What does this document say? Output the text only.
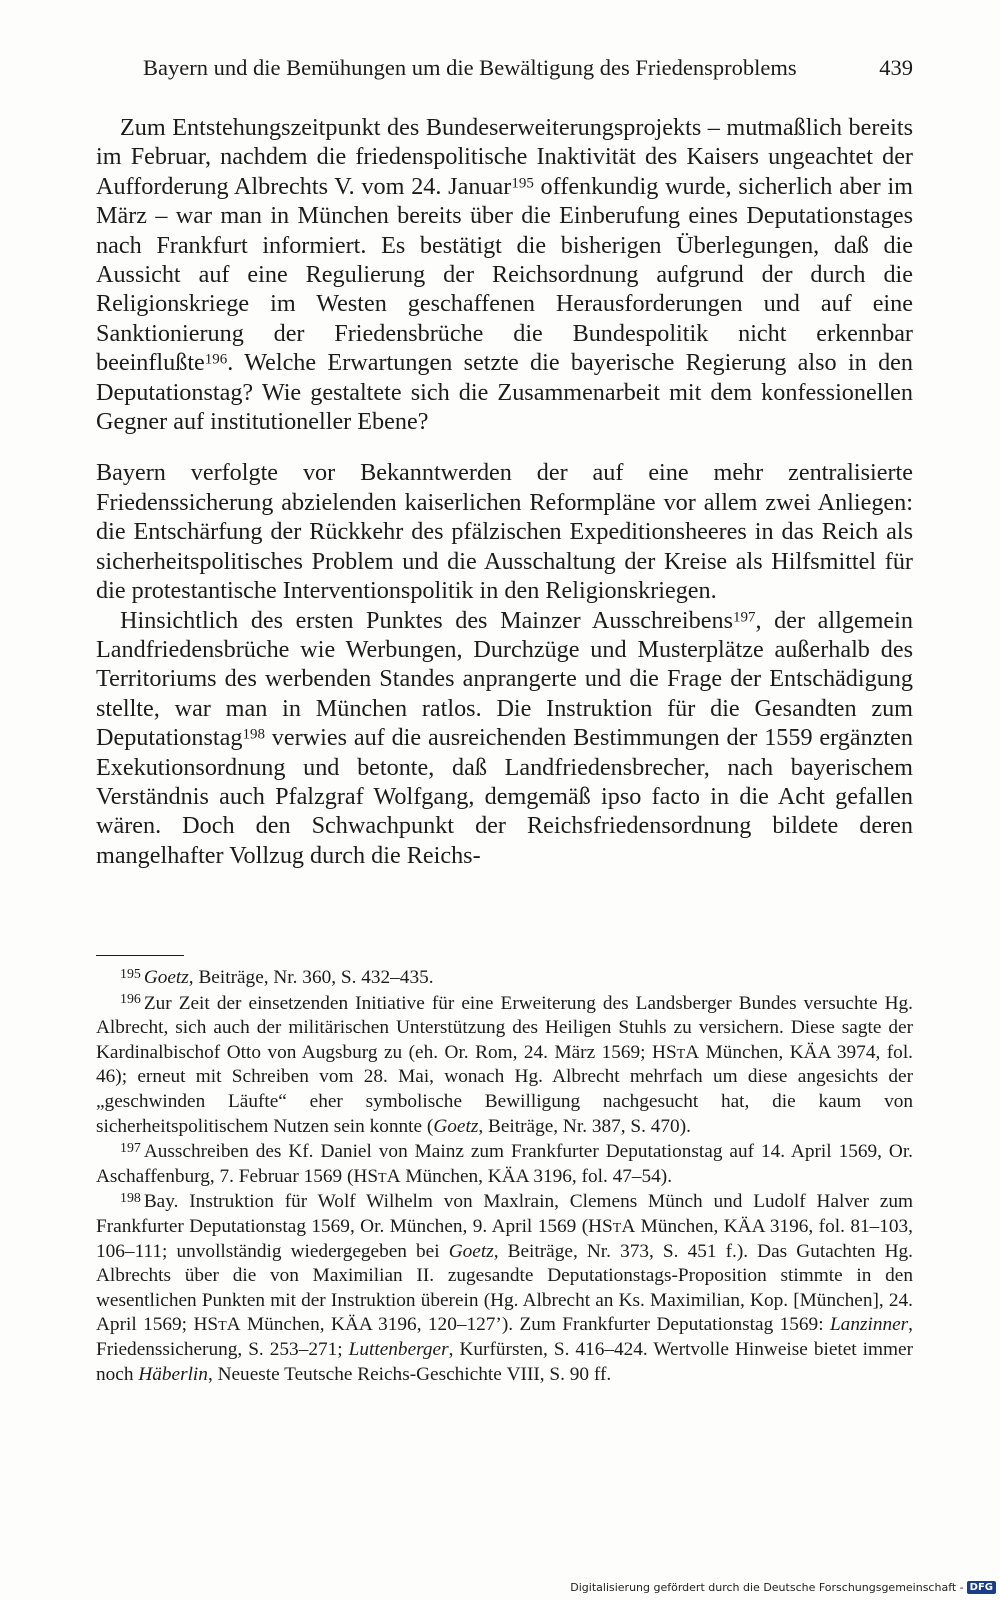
Bayern und die Bemühungen um die Bewältigung des Friedensproblems	439

Zum Entstehungszeitpunkt des Bundeserweiterungsprojekts – mutmaßlich bereits im Februar, nachdem die friedenspolitische Inaktivität des Kaisers ungeachtet der Aufforderung Albrechts V. vom 24. Januar$^{195}$ offenkundig wurde, sicherlich aber im März – war man in München bereits über die Einberufung eines Deputationstages nach Frankfurt informiert. Es bestätigt die bisherigen Überlegungen, daß die Aussicht auf eine Regulierung der Reichsordnung aufgrund der durch die Religionskriege im Westen geschaffenen Herausforderungen und auf eine Sanktionierung der Friedensbrüche die Bundespolitik nicht erkennbar beeinflußte$^{196}$. Welche Erwartungen setzte die bayerische Regierung also in den Deputationstag? Wie gestaltete sich die Zusammenarbeit mit dem konfessionellen Gegner auf institutioneller Ebene?

Bayern verfolgte vor Bekanntwerden der auf eine mehr zentralisierte Friedenssicherung abzielenden kaiserlichen Reformpläne vor allem zwei Anliegen: die Entschärfung der Rückkehr des pfälzischen Expeditionsheeres in das Reich als sicherheitspolitisches Problem und die Ausschaltung der Kreise als Hilfsmittel für die protestantische Interventionspolitik in den Religionskriegen.

Hinsichtlich des ersten Punktes des Mainzer Ausschreibens$^{197}$, der allgemein Landfriedensbrüche wie Werbungen, Durchzüge und Musterplätze außerhalb des Territoriums des werbenden Standes anprangerte und die Frage der Entschädigung stellte, war man in München ratlos. Die Instruktion für die Gesandten zum Deputationstag$^{198}$ verwies auf die ausreichenden Bestimmungen der 1559 ergänzten Exekutionsordnung und betonte, daß Landfriedensbrecher, nach bayerischem Verständnis auch Pfalzgraf Wolfgang, demgemäß ipso facto in die Acht gefallen wären. Doch den Schwachpunkt der Reichsfriedensordnung bildete deren mangelhafter Vollzug durch die Reichs-

$^{195}$ Goetz, Beiträge, Nr. 360, S. 432–435.

$^{196}$ Zur Zeit der einsetzenden Initiative für eine Erweiterung des Landsberger Bundes versuchte Hg. Albrecht, sich auch der militärischen Unterstützung des Heiligen Stuhls zu versichern. Diese sagte der Kardinalbischof Otto von Augsburg zu (eh. Or. Rom, 24. März 1569; HStA München, KÄA 3974, fol. 46); erneut mit Schreiben vom 28. Mai, wonach Hg. Albrecht mehrfach um diese angesichts der „geschwinden Läufte“ eher symbolische Bewilligung nachgesucht hat, die kaum von sicherheitspolitischem Nutzen sein konnte (Goetz, Beiträge, Nr. 387, S. 470).

$^{197}$ Ausschreiben des Kf. Daniel von Mainz zum Frankfurter Deputationstag auf 14. April 1569, Or. Aschaffenburg, 7. Februar 1569 (HStA München, KÄA 3196, fol. 47–54).

$^{198}$ Bay. Instruktion für Wolf Wilhelm von Maxlrain, Clemens Münch und Ludolf Halver zum Frankfurter Deputationstag 1569, Or. München, 9. April 1569 (HStA München, KÄA 3196, fol. 81–103, 106–111; unvollständig wiedergegeben bei Goetz, Beiträge, Nr. 373, S. 451 f.). Das Gutachten Hg. Albrechts über die von Maximilian II. zugesandte Deputationstags-Proposition stimmte in den wesentlichen Punkten mit der Instruktion überein (Hg. Albrecht an Ks. Maximilian, Kop. [München], 24. April 1569; HStA München, KÄA 3196, 120–127’). Zum Frankfurter Deputationstag 1569: Lanzinner, Friedenssicherung, S. 253–271; Luttenberger, Kurfürsten, S. 416–424. Wertvolle Hinweise bietet immer noch Häberlin, Neueste Teutsche Reichs-Geschichte VIII, S. 90 ff.

Digitalisierung gefördert durch die Deutsche Forschungsgemeinschaft - DFG
